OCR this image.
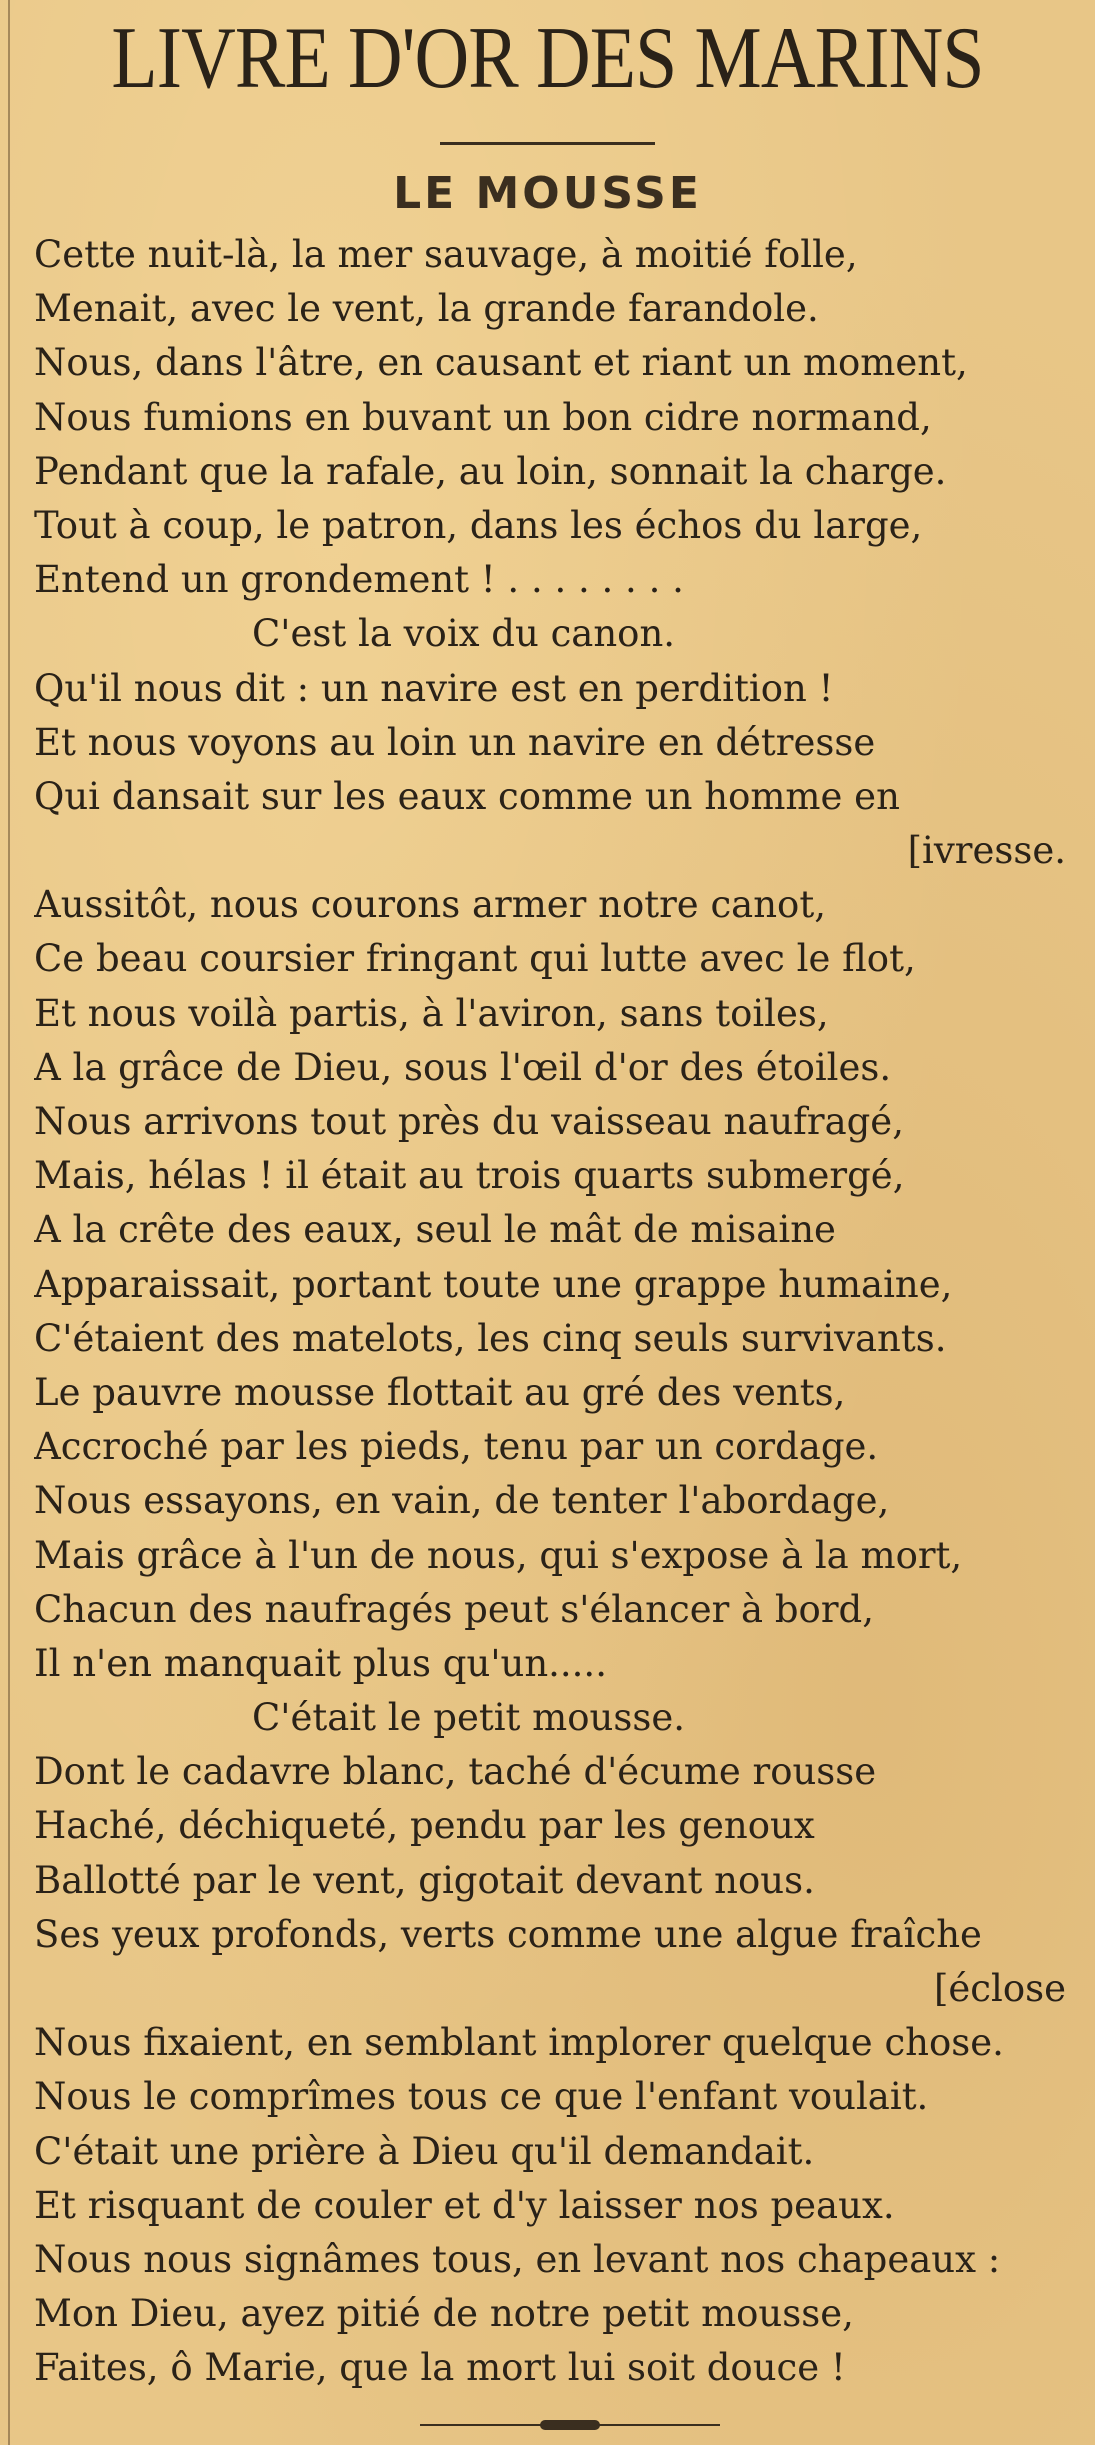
LIVRE D'OR DES MARINS
LE MOUSSE
Cette nuit-là, la mer sauvage, à moitié folle,
Menait, avec le vent, la grande farandole.
Nous, dans l'âtre, en causant et riant un moment,
Nous fumions en buvant un bon cidre normand,
Pendant que la rafale, au loin, sonnait la charge.
Tout à coup, le patron, dans les échos du large,
Entend un grondement ! . . . . . . . .
C'est la voix du canon.
Qu'il nous dit : un navire est en perdition !
Et nous voyons au loin un navire en détresse
Qui dansait sur les eaux comme un homme en
[ivresse.
Aussitôt, nous courons armer notre canot,
Ce beau coursier fringant qui lutte avec le flot,
Et nous voilà partis, à l'aviron, sans toiles,
A la grâce de Dieu, sous l'œil d'or des étoiles.
Nous arrivons tout près du vaisseau naufragé,
Mais, hélas ! il était au trois quarts submergé,
A la crête des eaux, seul le mât de misaine
Apparaissait, portant toute une grappe humaine,
C'étaient des matelots, les cinq seuls survivants.
Le pauvre mousse flottait au gré des vents,
Accroché par les pieds, tenu par un cordage.
Nous essayons, en vain, de tenter l'abordage,
Mais grâce à l'un de nous, qui s'expose à la mort,
Chacun des naufragés peut s'élancer à bord,
Il n'en manquait plus qu'un.....
C'était le petit mousse.
Dont le cadavre blanc, taché d'écume rousse
Haché, déchiqueté, pendu par les genoux
Ballotté par le vent, gigotait devant nous.
Ses yeux profonds, verts comme une algue fraîche
[éclose
Nous fixaient, en semblant implorer quelque chose.
Nous le comprîmes tous ce que l'enfant voulait.
C'était une prière à Dieu qu'il demandait.
Et risquant de couler et d'y laisser nos peaux.
Nous nous signâmes tous, en levant nos chapeaux :
Mon Dieu, ayez pitié de notre petit mousse,
Faites, ô Marie, que la mort lui soit douce !
